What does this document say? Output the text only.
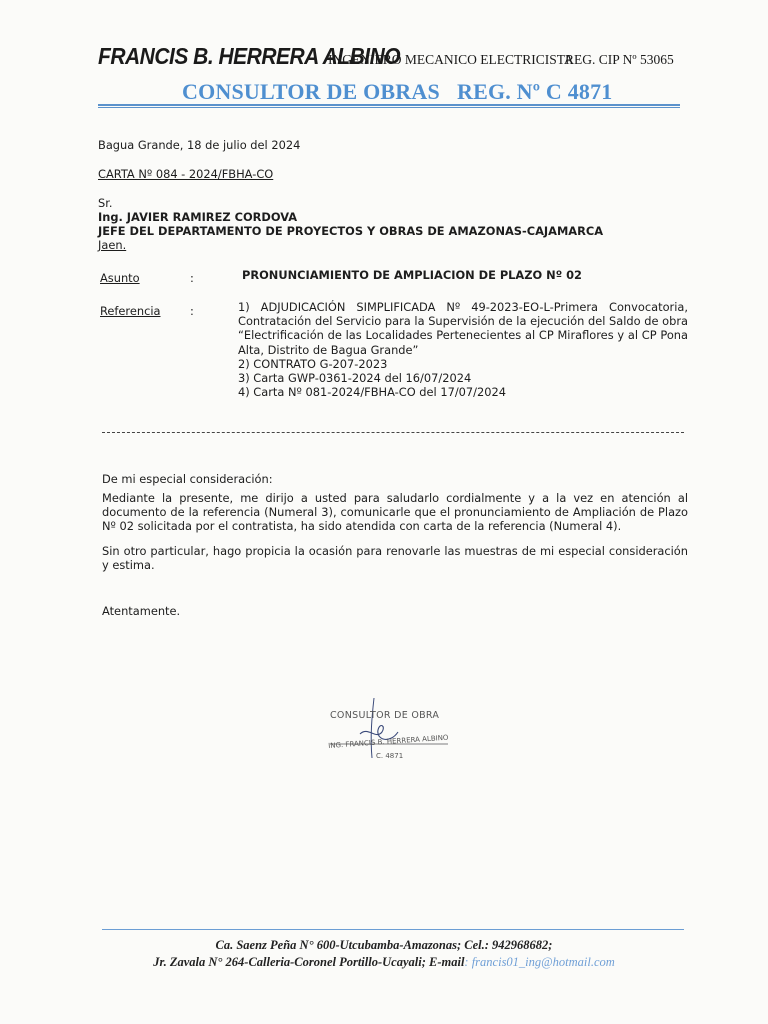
FRANCIS B. HERRERA ALBINO
INGENIERO MECANICO ELECTRICISTA
REG. CIP Nº 53065
CONSULTOR DE OBRAS   REG. Nº C 4871
Bagua Grande, 18 de julio del 2024
CARTA Nº 084 - 2024/FBHA-CO
Sr.
Ing. JAVIER RAMIREZ CORDOVA
JEFE DEL DEPARTAMENTO DE PROYECTOS Y OBRAS DE AMAZONAS-CAJAMARCA
Jaen.
Asunto	:	PRONUNCIAMIENTO DE AMPLIACION DE PLAZO Nº 02
Referencia	:	1) ADJUDICACIÓN SIMPLIFICADA Nº 49-2023-EO-L-Primera Convocatoria, Contratación del Servicio para la Supervisión de la ejecución del Saldo de obra “Electrificación de las Localidades Pertenecientes al CP Miraflores y al CP Pona Alta, Distrito de Bagua Grande”
2) CONTRATO G-207-2023
3) Carta GWP-0361-2024 del 16/07/2024
4) Carta Nº 081-2024/FBHA-CO del 17/07/2024
De mi especial consideración:
Mediante la presente, me dirijo a usted para saludarlo cordialmente y a la vez en atención al documento de la referencia (Numeral 3), comunicarle que el pronunciamiento de Ampliación de Plazo Nº 02 solicitada por el contratista, ha sido atendida con carta de la referencia (Numeral 4).
Sin otro particular, hago propicia la ocasión para renovarle las muestras de mi especial consideración y estima.
Atentamente.
CONSULTOR DE OBRA
ING. FRANCIS B. HERRERA ALBINO
C. 4871
Ca. Saenz Peña N° 600-Utcubamba-Amazonas; Cel.: 942968682;
Jr. Zavala N° 264-Calleria-Coronel Portillo-Ucayali; E-mail: francis01_ing@hotmail.com
